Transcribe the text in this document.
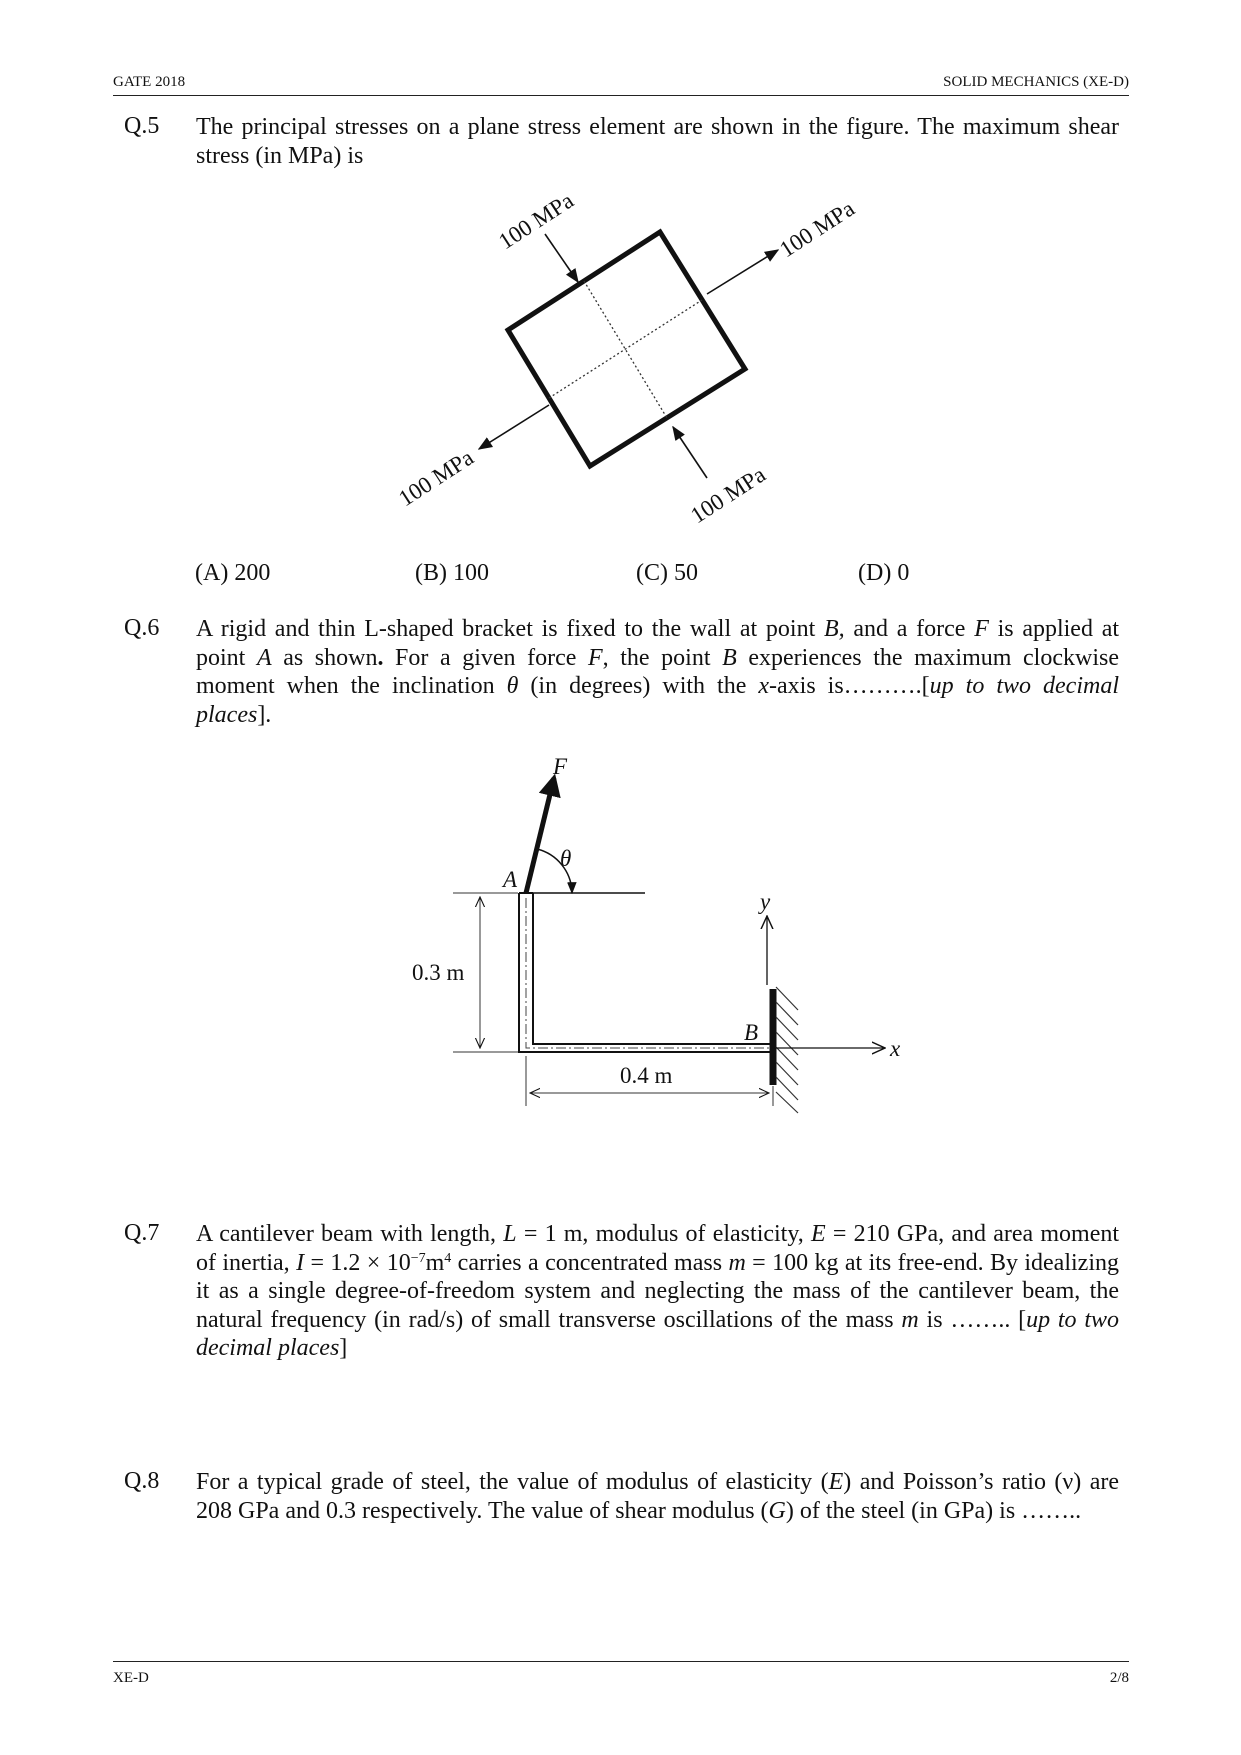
GATE 2018	SOLID MECHANICS (XE-D)
Q.5 The principal stresses on a plane stress element are shown in the figure. The maximum shear stress (in MPa) is
100 MPa	100 MPa
100 MPa	100 MPa
(A) 200	(B) 100	(C) 50	(D) 0
Q.6 A rigid and thin L-shaped bracket is fixed to the wall at point B, and a force F is applied at point A as shown. For a given force F, the point B experiences the maximum clockwise moment when the inclination θ (in degrees) with the x-axis is……….[up to two decimal places].
F
θ
A
B
x
y
0.3 m
0.4 m
Q.7 A cantilever beam with length, L = 1 m, modulus of elasticity, E = 210 GPa, and area moment of inertia, $I = 1.2 \times 10^{-7}m^4$ carries a concentrated mass m = 100 kg at its free-end. By idealizing it as a single degree-of-freedom system and neglecting the mass of the cantilever beam, the natural frequency (in rad/s) of small transverse oscillations of the mass m is …….. [up to two decimal places]
Q.8 For a typical grade of steel, the value of modulus of elasticity (E) and Poisson’s ratio (ν) are 208 GPa and 0.3 respectively. The value of shear modulus (G) of the steel (in GPa) is ……..
XE-D	2/8
